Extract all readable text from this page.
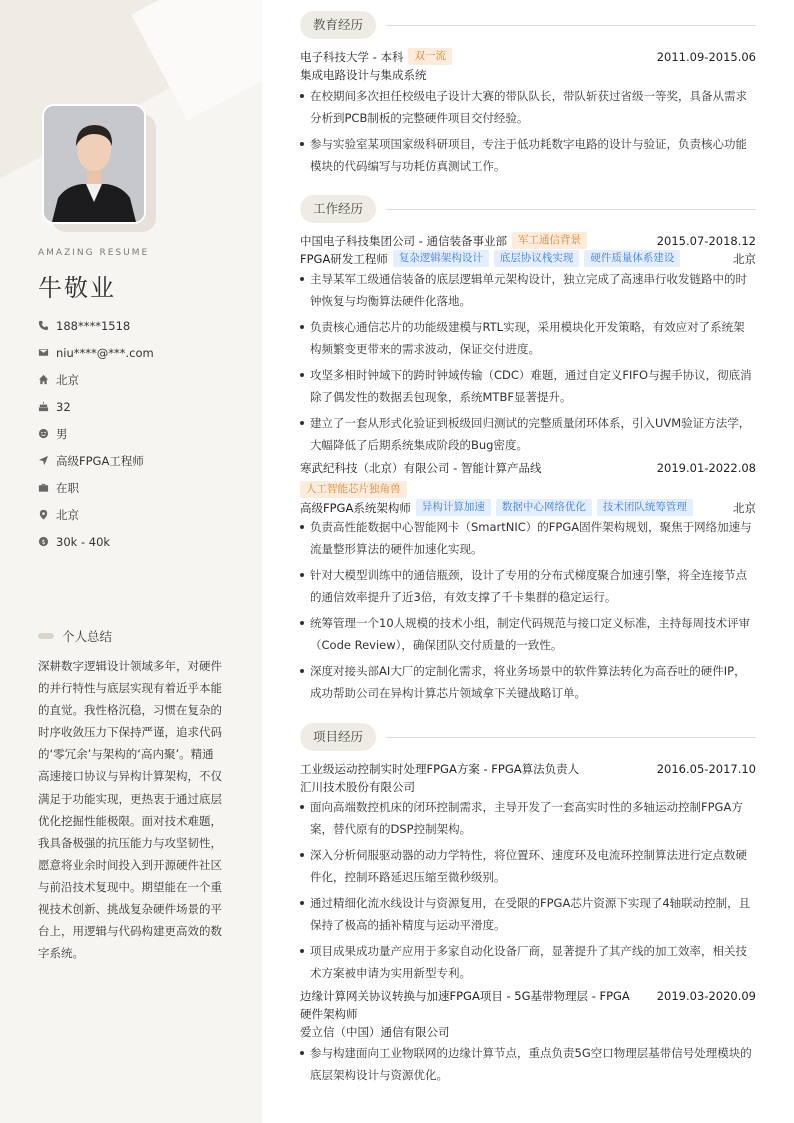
AMAZING RESUME
牛敬业
188****1518
niu****@***.com
北京
32
男
高级FPGA工程师
在职
北京
$ 30k - 40k
个人总结
深耕数字逻辑设计领域多年，对硬件的并行特性与底层实现有着近乎本能的直觉。我性格沉稳，习惯在复杂的时序收敛压力下保持严谨，追求代码的‘零冗余’与架构的‘高内聚’。精通高速接口协议与异构计算架构，不仅满足于功能实现，更热衷于通过底层优化挖掘性能极限。面对技术难题，我具备极强的抗压能力与攻坚韧性，愿意将业余时间投入到开源硬件社区与前沿技术复现中。期望能在一个重视技术创新、挑战复杂硬件场景的平台上，用逻辑与代码构建更高效的数字系统。
教育经历
电子科技大学 - 本科	双一流	2011.09-2015.06
集成电路设计与集成系统
在校期间多次担任校级电子设计大赛的带队队长，带队斩获过省级一等奖，具备从需求分析到PCB制板的完整硬件项目交付经验。
参与实验室某项国家级科研项目，专注于低功耗数字电路的设计与验证，负责核心功能模块的代码编写与功耗仿真测试工作。
工作经历
中国电子科技集团公司 - 通信装备事业部	军工通信背景	2015.07-2018.12
FPGA研发工程师	复杂逻辑架构设计	底层协议栈实现	硬件质量体系建设	北京
主导某军工级通信装备的底层逻辑单元架构设计，独立完成了高速串行收发链路中的时钟恢复与均衡算法硬件化落地。
负责核心通信芯片的功能级建模与RTL实现，采用模块化开发策略，有效应对了系统架构频繁变更带来的需求波动，保证交付进度。
攻坚多相时钟域下的跨时钟域传输（CDC）难题，通过自定义FIFO与握手协议，彻底消除了偶发性的数据丢包现象，系统MTBF显著提升。
建立了一套从形式化验证到板级回归测试的完整质量闭环体系，引入UVM验证方法学，大幅降低了后期系统集成阶段的Bug密度。
寒武纪科技（北京）有限公司 - 智能计算产品线	2019.01-2022.08
人工智能芯片独角兽
高级FPGA系统架构师	异构计算加速	数据中心网络优化	技术团队统筹管理	北京
负责高性能数据中心智能网卡（SmartNIC）的FPGA固件架构规划，聚焦于网络加速与流量整形算法的硬件加速化实现。
针对大模型训练中的通信瓶颈，设计了专用的分布式梯度聚合加速引擎，将全连接节点的通信效率提升了近3倍，有效支撑了千卡集群的稳定运行。
统筹管理一个10人规模的技术小组，制定代码规范与接口定义标准，主持每周技术评审（Code Review），确保团队交付质量的一致性。
深度对接头部AI大厂的定制化需求，将业务场景中的软件算法转化为高吞吐的硬件IP，成功帮助公司在异构计算芯片领域拿下关键战略订单。
项目经历
工业级运动控制实时处理FPGA方案 - FPGA算法负责人	2016.05-2017.10
汇川技术股份有限公司
面向高端数控机床的闭环控制需求，主导开发了一套高实时性的多轴运动控制FPGA方案，替代原有的DSP控制架构。
深入分析伺服驱动器的动力学特性，将位置环、速度环及电流环控制算法进行定点数硬件化，控制环路延迟压缩至微秒级别。
通过精细化流水线设计与资源复用，在受限的FPGA芯片资源下实现了4轴联动控制，且保持了极高的插补精度与运动平滑度。
项目成果成功量产应用于多家自动化设备厂商，显著提升了其产线的加工效率，相关技术方案被申请为实用新型专利。
边缘计算网关协议转换与加速FPGA项目 - 5G基带物理层 - FPGA 2019.03-2020.09
硬件架构师
爱立信（中国）通信有限公司
参与构建面向工业物联网的边缘计算节点，重点负责5G空口物理层基带信号处理模块的底层架构设计与资源优化。
